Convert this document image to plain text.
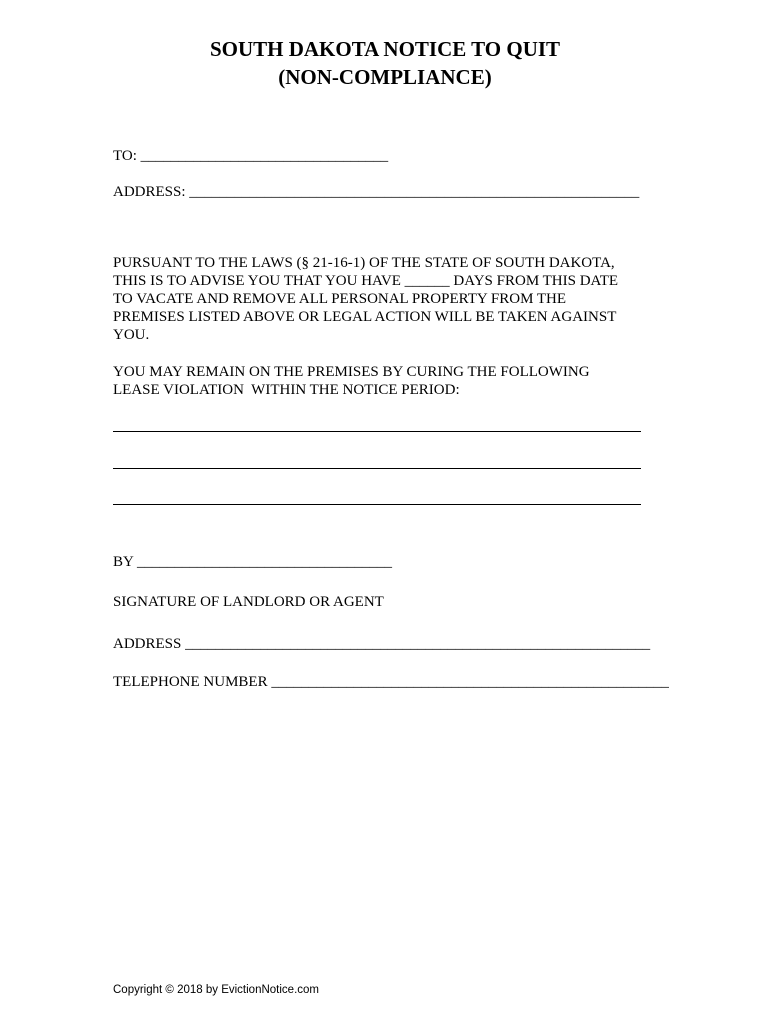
SOUTH DAKOTA NOTICE TO QUIT
(NON-COMPLIANCE)
TO: _________________________________
ADDRESS: ____________________________________________________________
PURSUANT TO THE LAWS (§ 21-16-1) OF THE STATE OF SOUTH DAKOTA,
THIS IS TO ADVISE YOU THAT YOU HAVE ______ DAYS FROM THIS DATE
TO VACATE AND REMOVE ALL PERSONAL PROPERTY FROM THE
PREMISES LISTED ABOVE OR LEGAL ACTION WILL BE TAKEN AGAINST
YOU.
YOU MAY REMAIN ON THE PREMISES BY CURING THE FOLLOWING
LEASE VIOLATION  WITHIN THE NOTICE PERIOD:
BY __________________________________
SIGNATURE OF LANDLORD OR AGENT
ADDRESS ______________________________________________________________
TELEPHONE NUMBER _____________________________________________________
Copyright © 2018 by EvictionNotice.com
